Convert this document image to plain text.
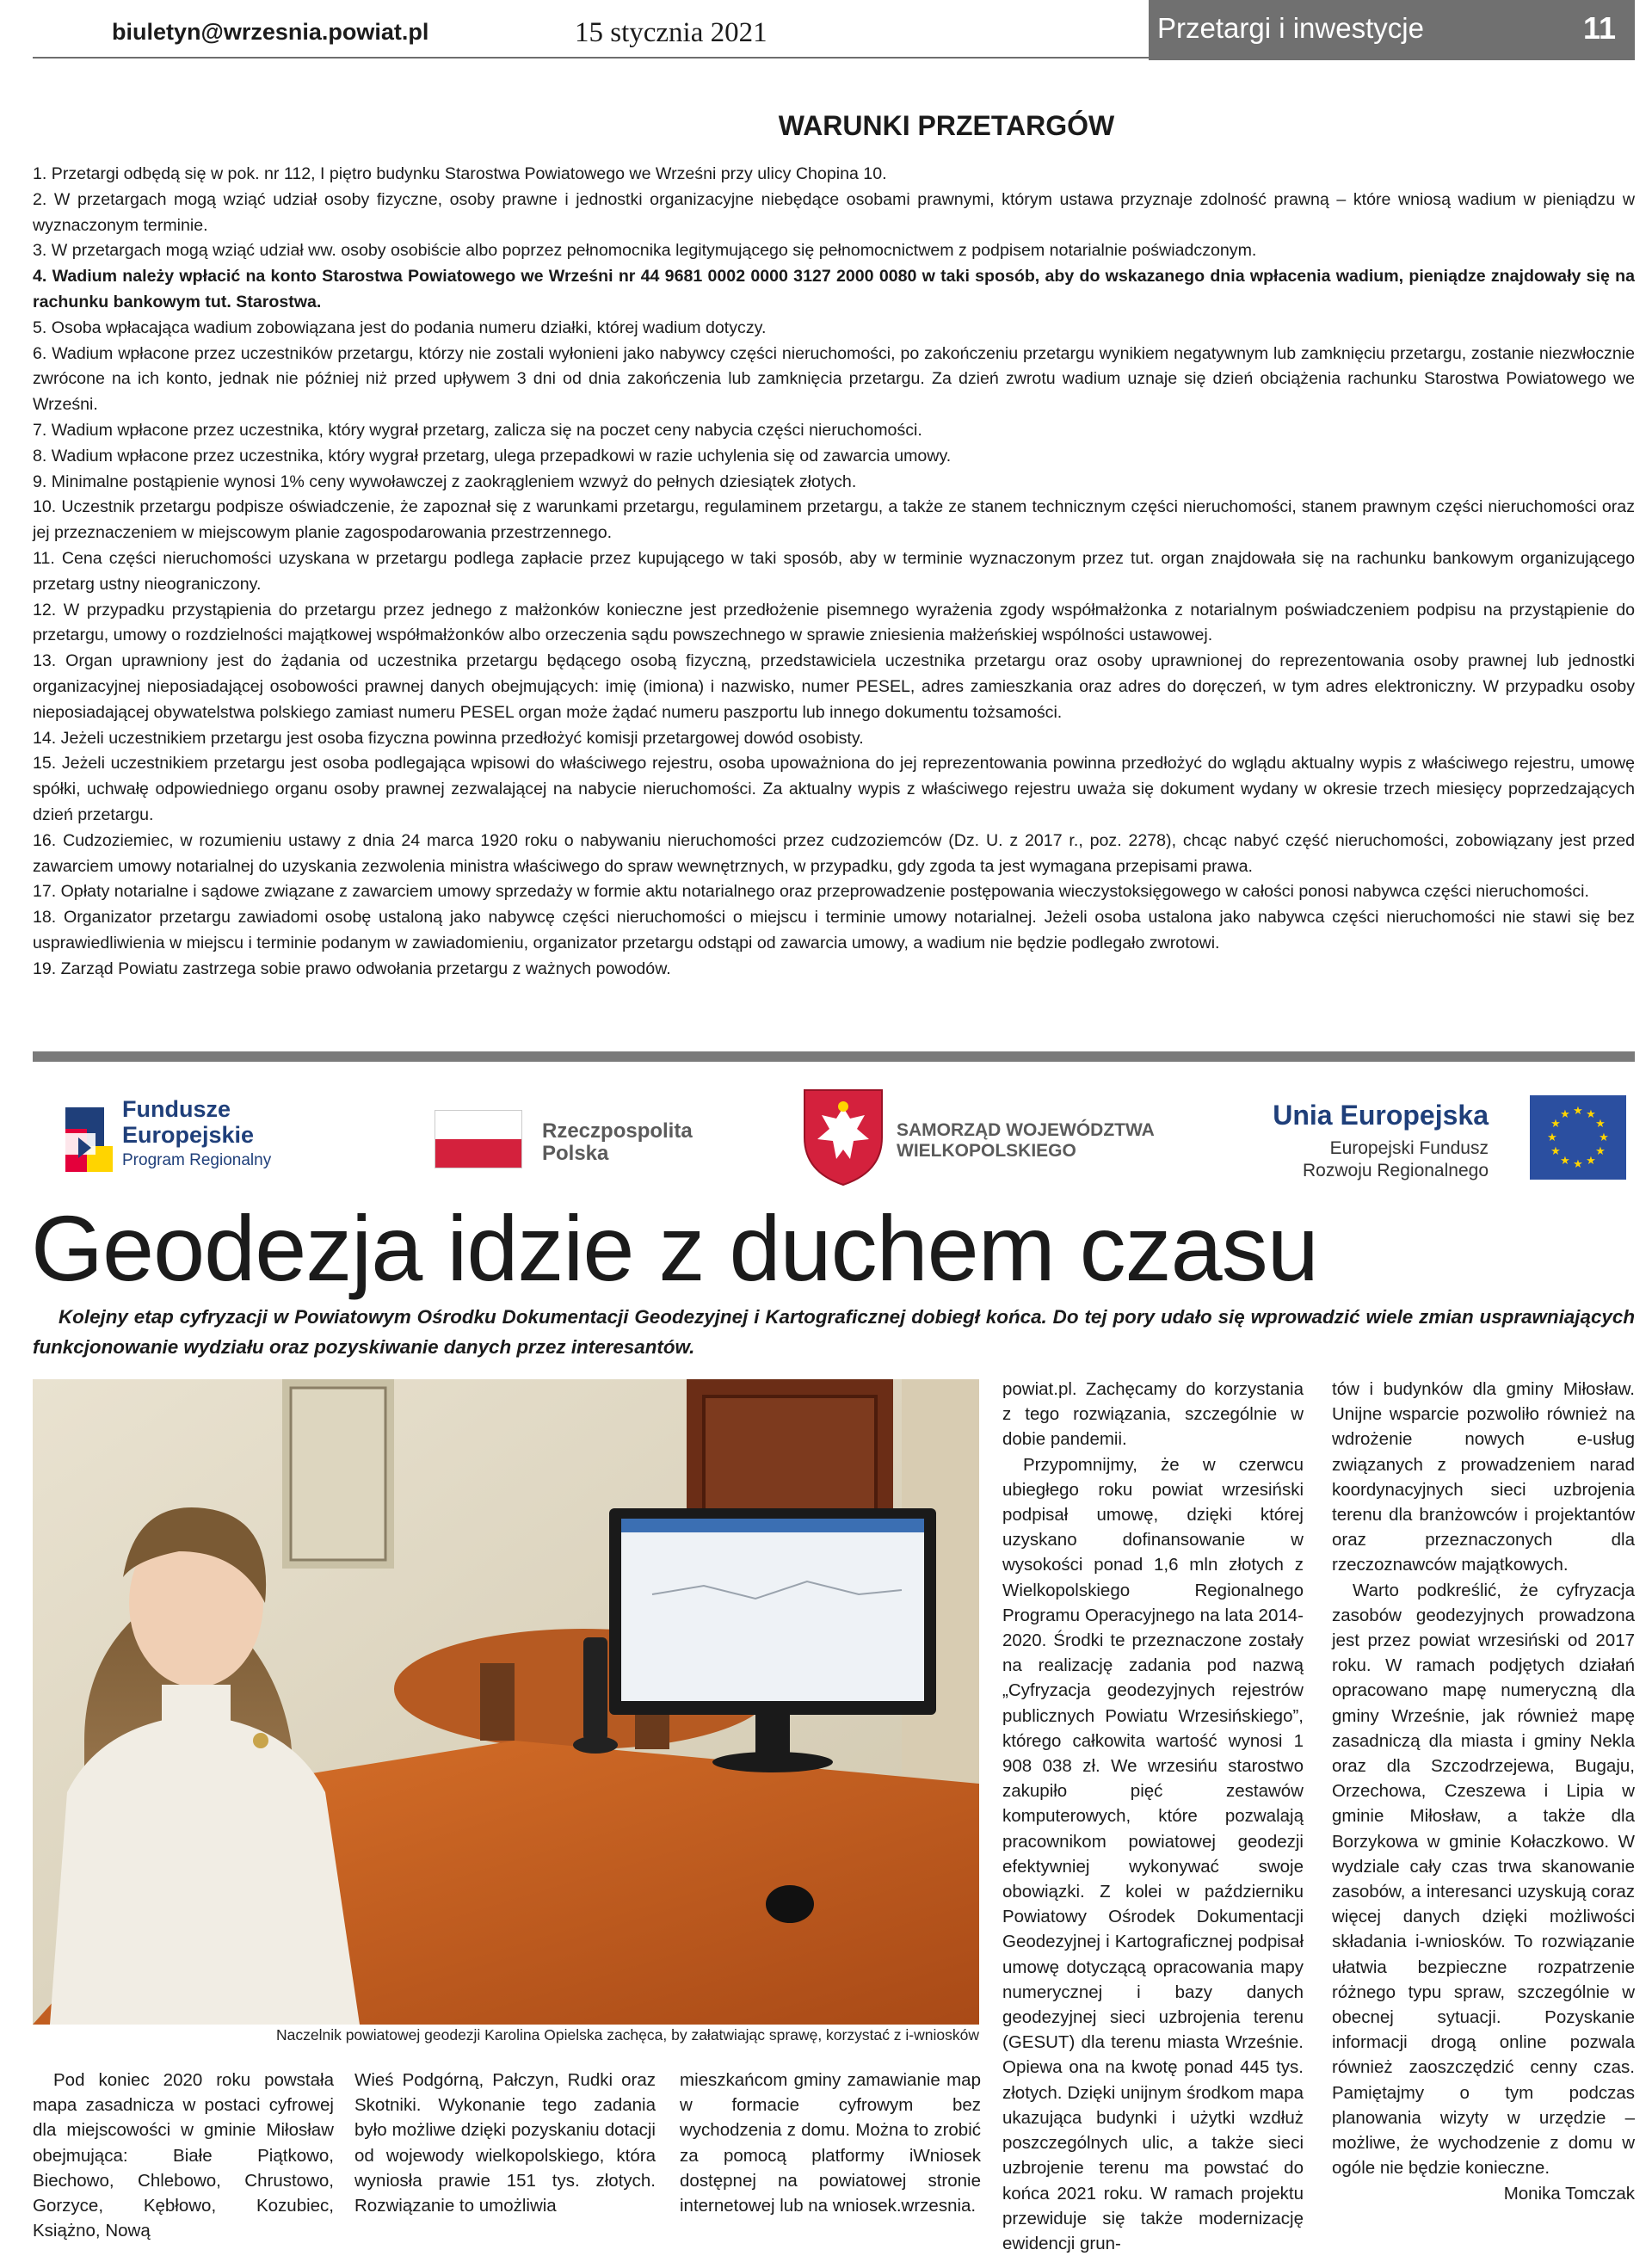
biuletyn@wrzesnia.powiat.pl	15 stycznia 2021	Przetargi i inwestycje	11
WARUNKI PRZETARGÓW

1. Przetargi odbędą się w pok. nr 112, I piętro budynku Starostwa Powiatowego we Wrześni przy ulicy Chopina 10.

2. W przetargach mogą wziąć udział osoby fizyczne, osoby prawne i jednostki organizacyjne niebędące osobami prawnymi, którym ustawa przyznaje zdolność prawną – które wniosą wadium w pieniądzu w wyznaczonym terminie.

3. W przetargach mogą wziąć udział ww. osoby osobiście albo poprzez pełnomocnika legitymującego się pełnomocnictwem z podpisem notarialnie poświadczonym.

4. Wadium należy wpłacić na konto Starostwa Powiatowego we Wrześni nr 44 9681 0002 0000 3127 2000 0080 w taki sposób, aby do wskazanego dnia wpłacenia wadium, pieniądze znajdowały się na rachunku bankowym tut. Starostwa.

5. Osoba wpłacająca wadium zobowiązana jest do podania numeru działki, której wadium dotyczy.

6. Wadium wpłacone przez uczestników przetargu, którzy nie zostali wyłonieni jako nabywcy części nieruchomości, po zakończeniu przetargu wynikiem negatywnym lub zamknięciu przetargu, zostanie niezwłocznie zwrócone na ich konto, jednak nie później niż przed upływem 3 dni od dnia zakończenia lub zamknięcia przetargu. Za dzień zwrotu wadium uznaje się dzień obciążenia rachunku Starostwa Powiatowego we Wrześni.

7. Wadium wpłacone przez uczestnika, który wygrał przetarg, zalicza się na poczet ceny nabycia części nieruchomości.

8. Wadium wpłacone przez uczestnika, który wygrał przetarg, ulega przepadkowi w razie uchylenia się od zawarcia umowy.

9. Minimalne postąpienie wynosi 1% ceny wywoławczej z zaokrągleniem wzwyż do pełnych dziesiątek złotych.

10. Uczestnik przetargu podpisze oświadczenie, że zapoznał się z warunkami przetargu, regulaminem przetargu, a także ze stanem technicznym części nieruchomości, stanem prawnym części nieruchomości oraz jej przeznaczeniem w miejscowym planie zagospodarowania przestrzennego.

11. Cena części nieruchomości uzyskana w przetargu podlega zapłacie przez kupującego w taki sposób, aby w terminie wyznaczonym przez tut. organ znajdowała się na rachunku bankowym organizującego przetarg ustny nieograniczony.

12. W przypadku przystąpienia do przetargu przez jednego z małżonków konieczne jest przedłożenie pisemnego wyrażenia zgody współmałżonka z notarialnym poświadczeniem podpisu na przystąpienie do przetargu, umowy o rozdzielności majątkowej współmałżonków albo orzeczenia sądu powszechnego w sprawie zniesienia małżeńskiej wspólności ustawowej.

13. Organ uprawniony jest do żądania od uczestnika przetargu będącego osobą fizyczną, przedstawiciela uczestnika przetargu oraz osoby uprawnionej do reprezentowania osoby prawnej lub jednostki organizacyjnej nieposiadającej osobowości prawnej danych obejmujących: imię (imiona) i nazwisko, numer PESEL, adres zamieszkania oraz adres do doręczeń, w tym adres elektroniczny. W przypadku osoby nieposiadającej obywatelstwa polskiego zamiast numeru PESEL organ może żądać numeru paszportu lub innego dokumentu tożsamości.

14. Jeżeli uczestnikiem przetargu jest osoba fizyczna powinna przedłożyć komisji przetargowej dowód osobisty.

15. Jeżeli uczestnikiem przetargu jest osoba podlegająca wpisowi do właściwego rejestru, osoba upoważniona do jej reprezentowania powinna przedłożyć do wglądu aktualny wypis z właściwego rejestru, umowę spółki, uchwałę odpowiedniego organu osoby prawnej zezwalającej na nabycie nieruchomości. Za aktualny wypis z właściwego rejestru uważa się dokument wydany w okresie trzech miesięcy poprzedzających dzień przetargu.

16. Cudzoziemiec, w rozumieniu ustawy z dnia 24 marca 1920 roku o nabywaniu nieruchomości przez cudzoziemców (Dz. U. z 2017 r., poz. 2278), chcąc nabyć część nieruchomości, zobowiązany jest przed zawarciem umowy notarialnej do uzyskania zezwolenia ministra właściwego do spraw wewnętrznych, w przypadku, gdy zgoda ta jest wymagana przepisami prawa.

17. Opłaty notarialne i sądowe związane z zawarciem umowy sprzedaży w formie aktu notarialnego oraz przeprowadzenie postępowania wieczystoksięgowego w całości ponosi nabywca części nieruchomości.

18. Organizator przetargu zawiadomi osobę ustaloną jako nabywcę części nieruchomości o miejscu i terminie umowy notarialnej. Jeżeli osoba ustalona jako nabywca części nieruchomości nie stawi się bez usprawiedliwienia w miejscu i terminie podanym w zawiadomieniu, organizator przetargu odstąpi od zawarcia umowy, a wadium nie będzie podlegało zwrotowi.

19. Zarząd Powiatu zastrzega sobie prawo odwołania przetargu z ważnych powodów.

Fundusze
Europejskie
Program Regionalny
Rzeczpospolita
Polska
SAMORZĄD WOJEWÓDZTWA
WIELKOPOLSKIEGO
Unia Europejska
Europejski Fundusz
Rozwoju Regionalnego
★ ★
★
★
★
★
★
★
★
★
★
★
Geodezja idzie z duchem czasu
Kolejny etap cyfryzacji w Powiatowym Ośrodku Dokumentacji Geodezyjnej i Kartograficznej dobiegł końca. Do tej pory udało się wprowadzić wiele zmian usprawniających funkcjonowanie wydziału oraz pozyskiwanie danych przez interesantów.
Naczelnik powiatowej geodezji Karolina Opielska zachęca, by załatwiając sprawę, korzystać z i-wniosków

Pod koniec 2020 roku powstała mapa zasadnicza w postaci cyfrowej dla miejscowości w gminie Miłosław obejmująca: Białe Piątkowo, Biechowo, Chlebowo, Chrustowo, Gorzyce, Kębłowo, Kozubiec, Książno, Nową

Wieś Podgórną, Pałczyn, Rudki oraz Skotniki. Wykonanie tego zadania było możliwe dzięki pozyskaniu dotacji od wojewody wielkopolskiego, która wyniosła prawie 151 tys. złotych. Rozwiązanie to umożliwia

mieszkańcom gminy zamawianie map w formacie cyfrowym bez wychodzenia z domu. Można to zrobić za pomocą platformy iWniosek dostępnej na powiatowej stronie internetowej lub na wniosek.wrzesnia.

powiat.pl. Zachęcamy do korzystania z tego rozwiązania, szczególnie w dobie pandemii.

Przypomnijmy, że w czerwcu ubiegłego roku powiat wrzesiński podpisał umowę, dzięki której uzyskano dofinansowanie w wysokości ponad 1,6 mln złotych z Wielkopolskiego Regionalnego Programu Operacyjnego na lata 2014-2020. Środki te przeznaczone zostały na realizację zadania pod nazwą „Cyfryzacja geodezyjnych rejestrów publicznych Powiatu Wrzesińskiego”, którego całkowita wartość wynosi 1 908 038 zł. We wrzesińu starostwo zakupiło pięć zestawów komputerowych, które pozwalają pracownikom powiatowej geodezji efektywniej wykonywać swoje obowiązki. Z kolei w październiku Powiatowy Ośrodek Dokumentacji Geodezyjnej i Kartograficznej podpisał umowę dotyczącą opracowania mapy numerycznej i bazy danych geodezyjnej sieci uzbrojenia terenu (GESUT) dla terenu miasta Wrześnie. Opiewa ona na kwotę ponad 445 tys. złotych. Dzięki unijnym środkom mapa ukazująca budynki i użytki wzdłuż poszczególnych ulic, a także sieci uzbrojenie terenu ma powstać do końca 2021 roku. W ramach projektu przewiduje się także modernizację ewidencji grun-

tów i budynków dla gminy Miłosław. Unijne wsparcie pozwoliło również na wdrożenie nowych e-usług związanych z prowadzeniem narad koordynacyjnych sieci uzbrojenia terenu dla branżowców i projektantów oraz przeznaczonych dla rzeczoznawców majątkowych.

Warto podkreślić, że cyfryzacja zasobów geodezyjnych prowadzona jest przez powiat wrzesiński od 2017 roku. W ramach podjętych działań opracowano mapę numeryczną dla gminy Wrześnie, jak również mapę zasadniczą dla miasta i gminy Nekla oraz dla Szczodrzejewa, Bugaju, Orzechowa, Czeszewa i Lipia w gminie Miłosław, a także dla Borzykowa w gminie Kołaczkowo. W wydziale cały czas trwa skanowanie zasobów, a interesanci uzyskują coraz więcej danych dzięki możliwości składania i-wniosków. To rozwiązanie ułatwia bezpieczne rozpatrzenie różnego typu spraw, szczególnie w obecnej sytuacji. Pozyskanie informacji drogą online pozwala również zaoszczędzić cenny czas. Pamiętajmy o tym podczas planowania wizyty w urzędzie – możliwe, że wychodzenie z domu w ogóle nie będzie konieczne.

Monika Tomczak
